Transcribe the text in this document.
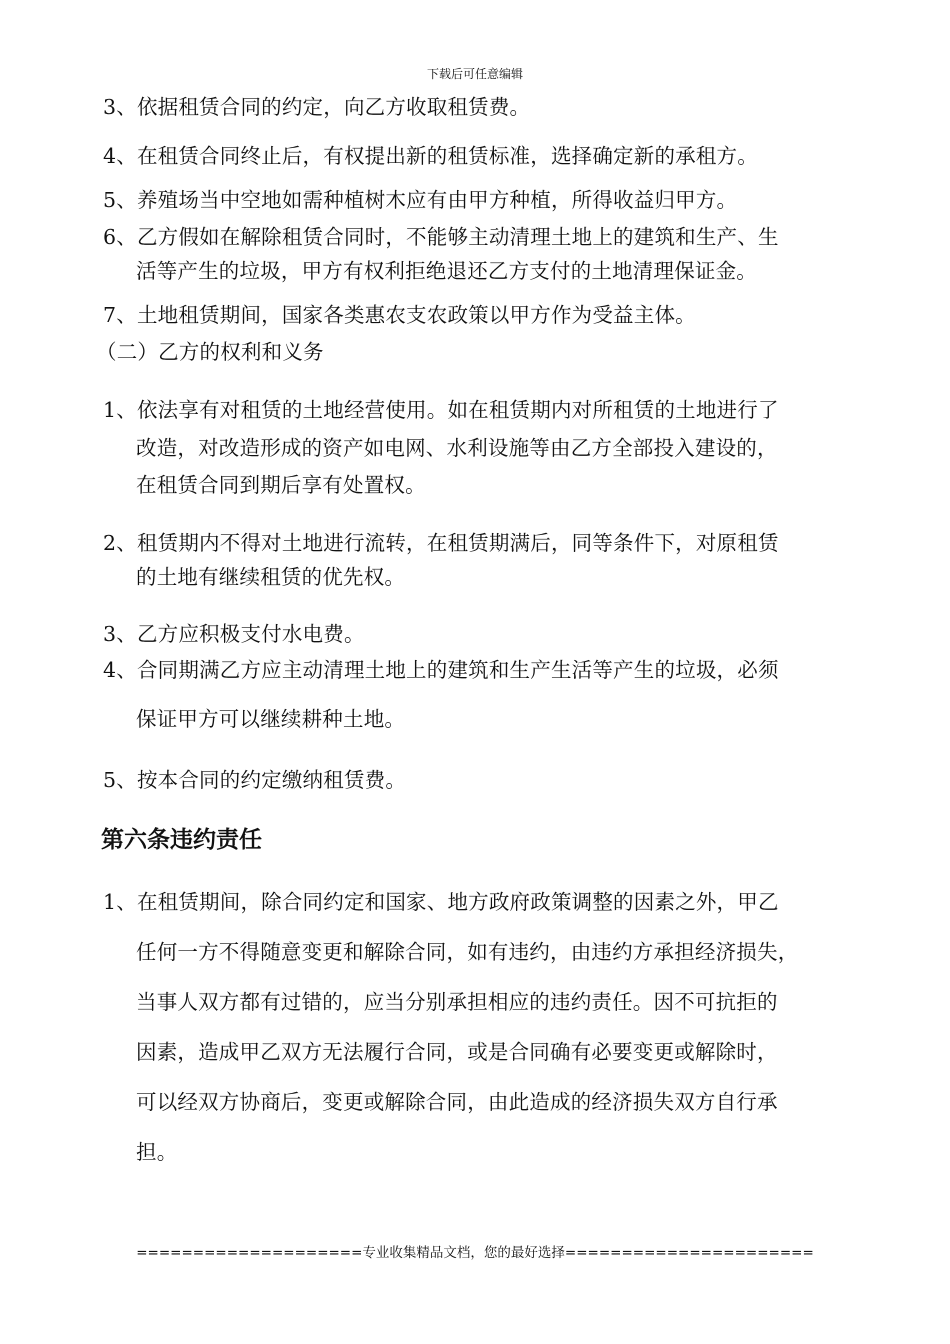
下载后可任意编辑
3、依据租赁合同的约定，向乙方收取租赁费。
4、在租赁合同终止后，有权提出新的租赁标准，选择确定新的承租方。
5、养殖场当中空地如需种植树木应有由甲方种植，所得收益归甲方。
6、乙方假如在解除租赁合同时，不能够主动清理土地上的建筑和生产、生
活等产生的垃圾，甲方有权利拒绝退还乙方支付的土地清理保证金。
7、土地租赁期间，国家各类惠农支农政策以甲方作为受益主体。
（二）乙方的权利和义务
1、依法享有对租赁的土地经营使用。如在租赁期内对所租赁的土地进行了
改造，对改造形成的资产如电网、水利设施等由乙方全部投入建设的，
在租赁合同到期后享有处置权。
2、租赁期内不得对土地进行流转，在租赁期满后，同等条件下，对原租赁
的土地有继续租赁的优先权。
3、乙方应积极支付水电费。
4、合同期满乙方应主动清理土地上的建筑和生产生活等产生的垃圾，必须
保证甲方可以继续耕种土地。
5、按本合同的约定缴纳租赁费。
第六条违约责任
1、在租赁期间，除合同约定和国家、地方政府政策调整的因素之外，甲乙
任何一方不得随意变更和解除合同，如有违约，由违约方承担经济损失，
当事人双方都有过错的，应当分别承担相应的违约责任。因不可抗拒的
因素，造成甲乙双方无法履行合同，或是合同确有必要变更或解除时，
可以经双方协商后，变更或解除合同，由此造成的经济损失双方自行承
担。
====================专业收集精品文档，您的最好选择======================
